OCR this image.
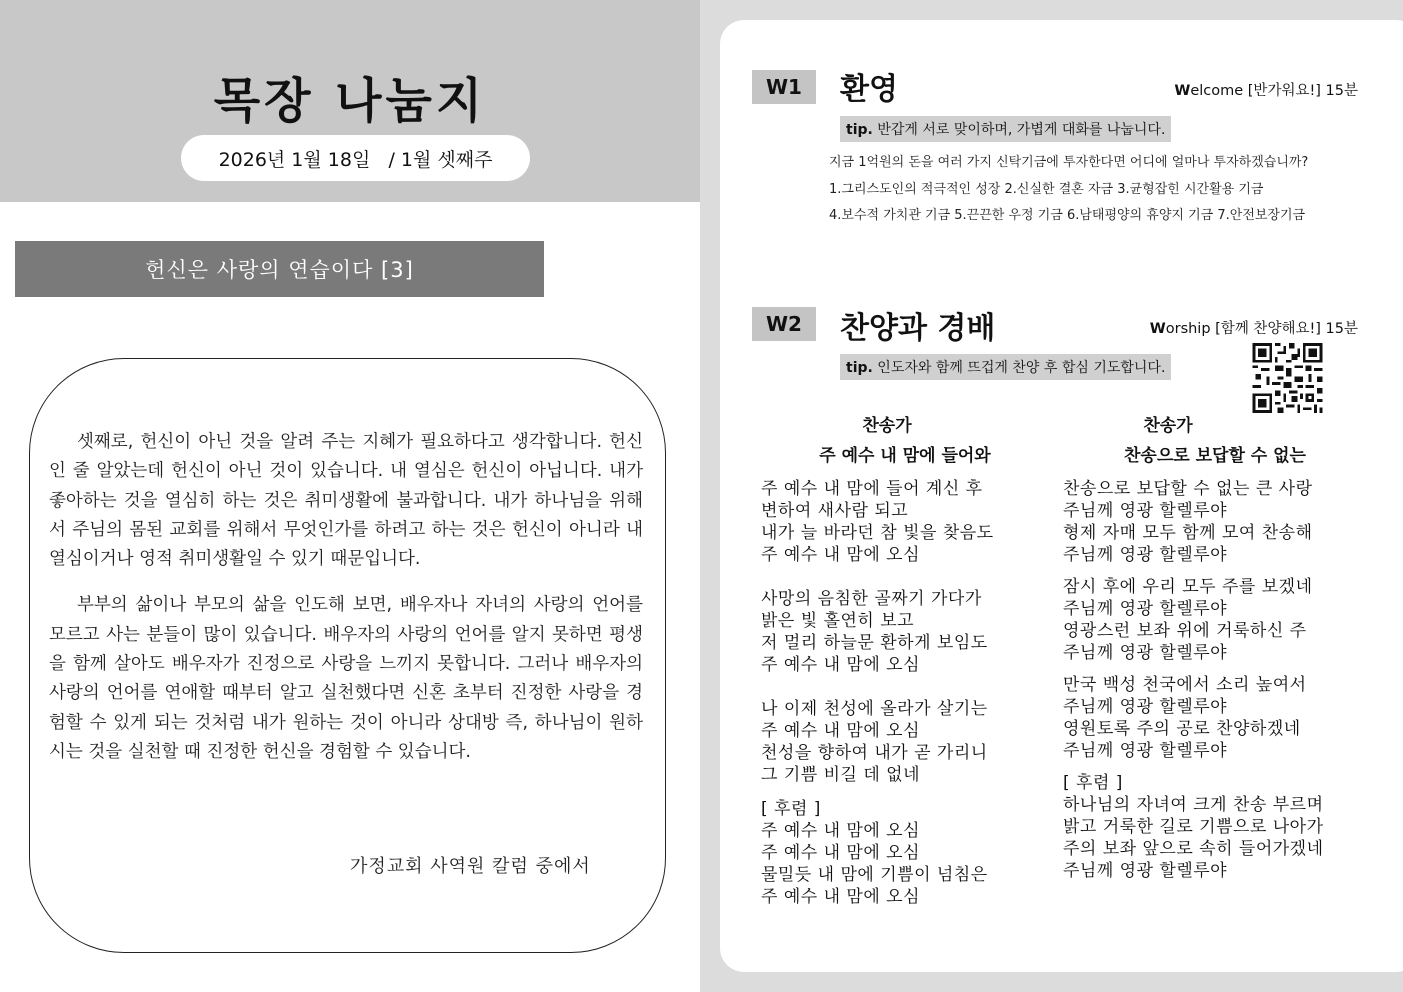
목장 나눔지
2026년 1월 18일   / 1월 셋째주
헌신은 사랑의 연습이다 [3]

셋째로, 헌신이 아닌 것을 알려 주는 지혜가 필요하다고 생각합니다. 헌신인 줄 알았는데 헌신이 아닌 것이 있습니다. 내 열심은 헌신이 아닙니다. 내가 좋아하는 것을 열심히 하는 것은 취미생활에 불과합니다. 내가 하나님을 위해서 주님의 몸된 교회를 위해서 무엇인가를 하려고 하는 것은 헌신이 아니라 내 열심이거나 영적 취미생활일 수 있기 때문입니다.

부부의 삶이나 부모의 삶을 인도해 보면, 배우자나 자녀의 사랑의 언어를 모르고 사는 분들이 많이 있습니다. 배우자의 사랑의 언어를 알지 못하면 평생을 함께 살아도 배우자가 진정으로 사랑을 느끼지 못합니다. 그러나 배우자의 사랑의 언어를 연애할 때부터 알고 실천했다면 신혼 초부터 진정한 사랑을 경험할 수 있게 되는 것처럼 내가 원하는 것이 아니라 상대방 즉, 하나님이 원하시는 것을 실천할 때 진정한 헌신을 경험할 수 있습니다.

가정교회 사역원 칼럼 중에서
W1	환영	Welcome [반가워요!] 15분
tip. 반갑게 서로 맞이하며, 가볍게 대화를 나눕니다.
지금 1억원의 돈을 여러 가지 신탁기금에 투자한다면 어디에 얼마나 투자하겠습니까?
1.그리스도인의 적극적인 성장 2.신실한 결혼 자금 3.균형잡힌 시간활용 기금
4.보수적 가치관 기금 5.끈끈한 우정 기금 6.남태평양의 휴양지 기금 7.안전보장기금
W2	찬양과 경배	Worship [함께 찬양해요!] 15분
tip. 인도자와 함께 뜨겁게 찬양 후 합심 기도합니다.
찬송가
주 예수 내 맘에 들어와
주 예수 내 맘에 들어 계신 후
변하여 새사람 되고
내가 늘 바라던 참 빛을 찾음도
주 예수 내 맘에 오심
사망의 음침한 골짜기 가다가
밝은 빛 홀연히 보고
저 멀리 하늘문 환하게 보임도
주 예수 내 맘에 오심
나 이제 천성에 올라가 살기는
주 예수 내 맘에 오심
천성을 향하여 내가 곧 가리니
그 기쁨 비길 데 없네
[ 후렴 ]
주 예수 내 맘에 오심
주 예수 내 맘에 오심
물밀듯 내 맘에 기쁨이 넘침은
주 예수 내 맘에 오심
찬송가
찬송으로 보답할 수 없는
찬송으로 보답할 수 없는 큰 사랑
주님께 영광 할렐루야
형제 자매 모두 함께 모여 찬송해
주님께 영광 할렐루야
잠시 후에 우리 모두 주를 보겠네
주님께 영광 할렐루야
영광스런 보좌 위에 거룩하신 주
주님께 영광 할렐루야
만국 백성 천국에서 소리 높여서
주님께 영광 할렐루야
영원토록 주의 공로 찬양하겠네
주님께 영광 할렐루야
[ 후렴 ]
하나님의 자녀여 크게 찬송 부르며
밝고 거룩한 길로 기쁨으로 나아가
주의 보좌 앞으로 속히 들어가겠네
주님께 영광 할렐루야
